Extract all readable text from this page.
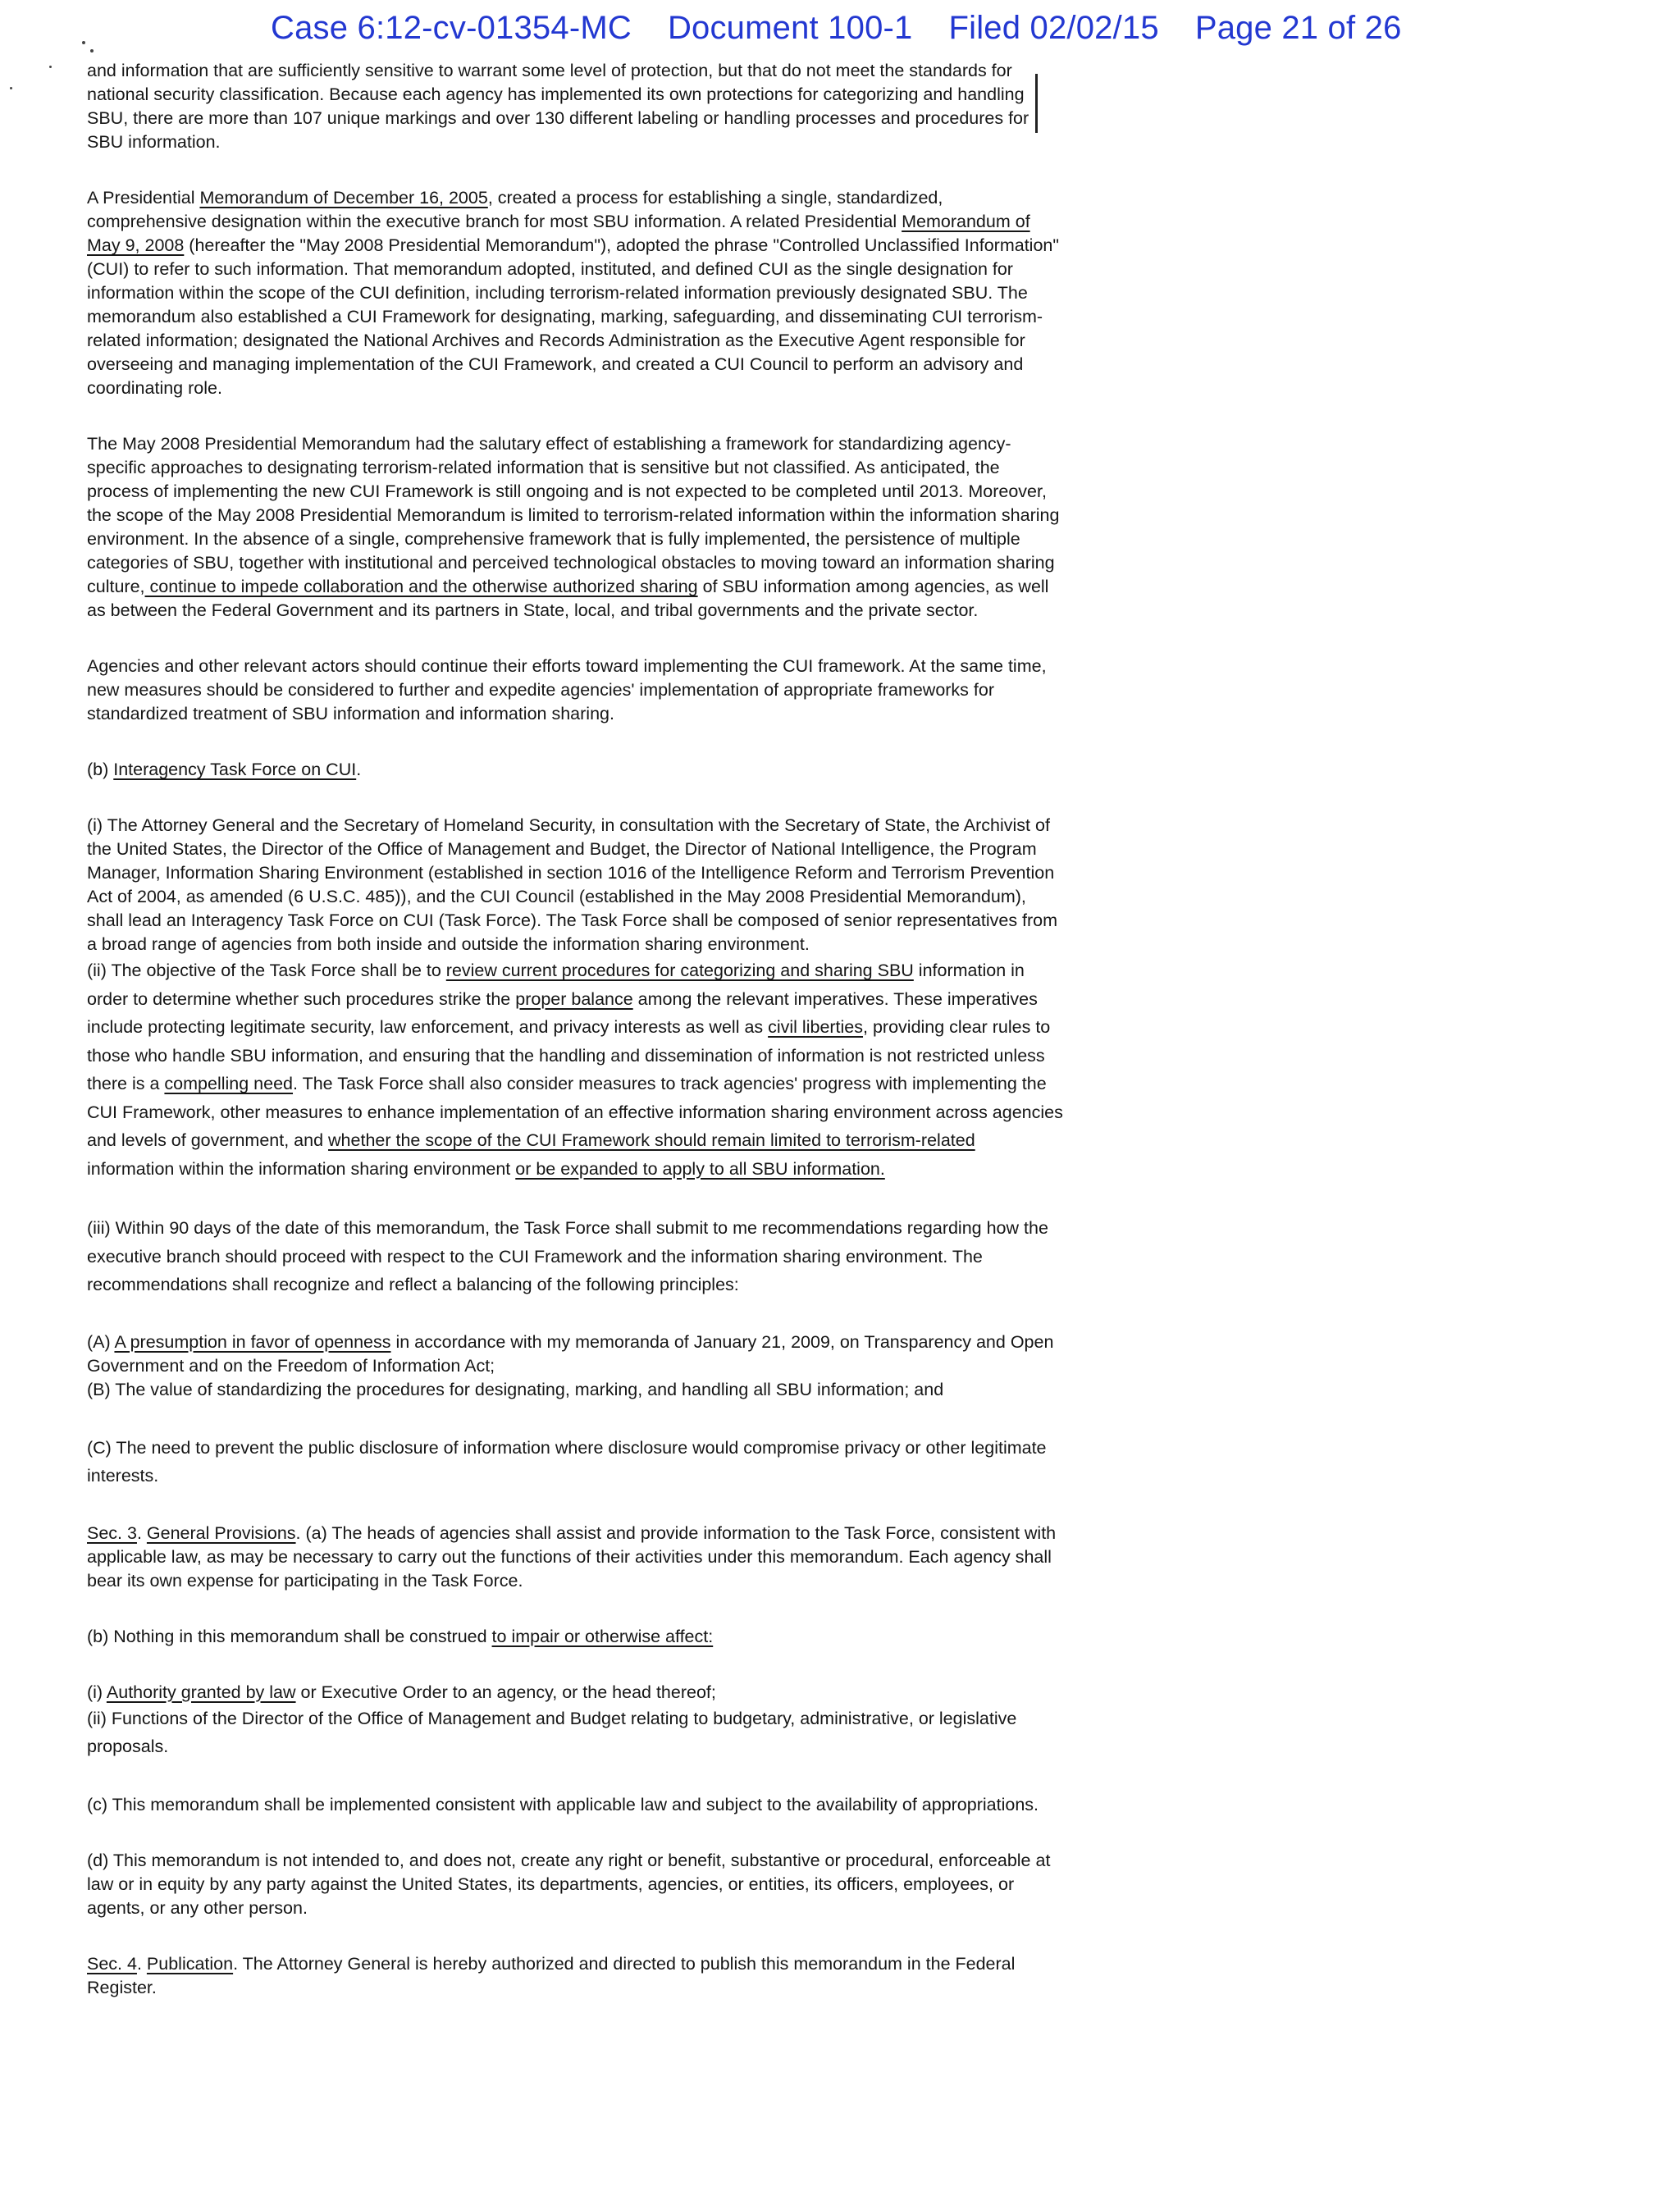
Case 6:12-cv-01354-MC Document 100-1 Filed 02/02/15 Page 21 of 26

and information that are sufficiently sensitive to warrant some level of protection, but that do not meet the standards for national security classification. Because each agency has implemented its own protections for categorizing and handling SBU, there are more than 107 unique markings and over 130 different labeling or handling processes and procedures for SBU information.

A Presidential Memorandum of December 16, 2005, created a process for establishing a single, standardized, comprehensive designation within the executive branch for most SBU information. A related Presidential Memorandum of May 9, 2008 (hereafter the "May 2008 Presidential Memorandum"), adopted the phrase "Controlled Unclassified Information" (CUI) to refer to such information. That memorandum adopted, instituted, and defined CUI as the single designation for information within the scope of the CUI definition, including terrorism-related information previously designated SBU. The memorandum also established a CUI Framework for designating, marking, safeguarding, and disseminating CUI terrorism-related information; designated the National Archives and Records Administration as the Executive Agent responsible for overseeing and managing implementation of the CUI Framework, and created a CUI Council to perform an advisory and coordinating role.

The May 2008 Presidential Memorandum had the salutary effect of establishing a framework for standardizing agency-specific approaches to designating terrorism-related information that is sensitive but not classified. As anticipated, the process of implementing the new CUI Framework is still ongoing and is not expected to be completed until 2013. Moreover, the scope of the May 2008 Presidential Memorandum is limited to terrorism-related information within the information sharing environment. In the absence of a single, comprehensive framework that is fully implemented, the persistence of multiple categories of SBU, together with institutional and perceived technological obstacles to moving toward an information sharing culture, continue to impede collaboration and the otherwise authorized sharing of SBU information among agencies, as well as between the Federal Government and its partners in State, local, and tribal governments and the private sector.

Agencies and other relevant actors should continue their efforts toward implementing the CUI framework. At the same time, new measures should be considered to further and expedite agencies' implementation of appropriate frameworks for standardized treatment of SBU information and information sharing.

(b) Interagency Task Force on CUI.

(i) The Attorney General and the Secretary of Homeland Security, in consultation with the Secretary of State, the Archivist of the United States, the Director of the Office of Management and Budget, the Director of National Intelligence, the Program Manager, Information Sharing Environment (established in section 1016 of the Intelligence Reform and Terrorism Prevention Act of 2004, as amended (6 U.S.C. 485)), and the CUI Council (established in the May 2008 Presidential Memorandum), shall lead an Interagency Task Force on CUI (Task Force). The Task Force shall be composed of senior representatives from a broad range of agencies from both inside and outside the information sharing environment.

(ii) The objective of the Task Force shall be to review current procedures for categorizing and sharing SBU information in order to determine whether such procedures strike the proper balance among the relevant imperatives. These imperatives include protecting legitimate security, law enforcement, and privacy interests as well as civil liberties, providing clear rules to those who handle SBU information, and ensuring that the handling and dissemination of information is not restricted unless there is a compelling need. The Task Force shall also consider measures to track agencies' progress with implementing the CUI Framework, other measures to enhance implementation of an effective information sharing environment across agencies and levels of government, and whether the scope of the CUI Framework should remain limited to terrorism-related information within the information sharing environment or be expanded to apply to all SBU information.

(iii) Within 90 days of the date of this memorandum, the Task Force shall submit to me recommendations regarding how the executive branch should proceed with respect to the CUI Framework and the information sharing environment. The recommendations shall recognize and reflect a balancing of the following principles:

(A) A presumption in favor of openness in accordance with my memoranda of January 21, 2009, on Transparency and Open Government and on the Freedom of Information Act;

(B) The value of standardizing the procedures for designating, marking, and handling all SBU information; and

(C) The need to prevent the public disclosure of information where disclosure would compromise privacy or other legitimate interests.

Sec. 3. General Provisions. (a) The heads of agencies shall assist and provide information to the Task Force, consistent with applicable law, as may be necessary to carry out the functions of their activities under this memorandum. Each agency shall bear its own expense for participating in the Task Force.

(b) Nothing in this memorandum shall be construed to impair or otherwise affect:

(i) Authority granted by law or Executive Order to an agency, or the head thereof;

(ii) Functions of the Director of the Office of Management and Budget relating to budgetary, administrative, or legislative proposals.

(c) This memorandum shall be implemented consistent with applicable law and subject to the availability of appropriations.

(d) This memorandum is not intended to, and does not, create any right or benefit, substantive or procedural, enforceable at law or in equity by any party against the United States, its departments, agencies, or entities, its officers, employees, or agents, or any other person.

Sec. 4. Publication. The Attorney General is hereby authorized and directed to publish this memorandum in the Federal Register.
